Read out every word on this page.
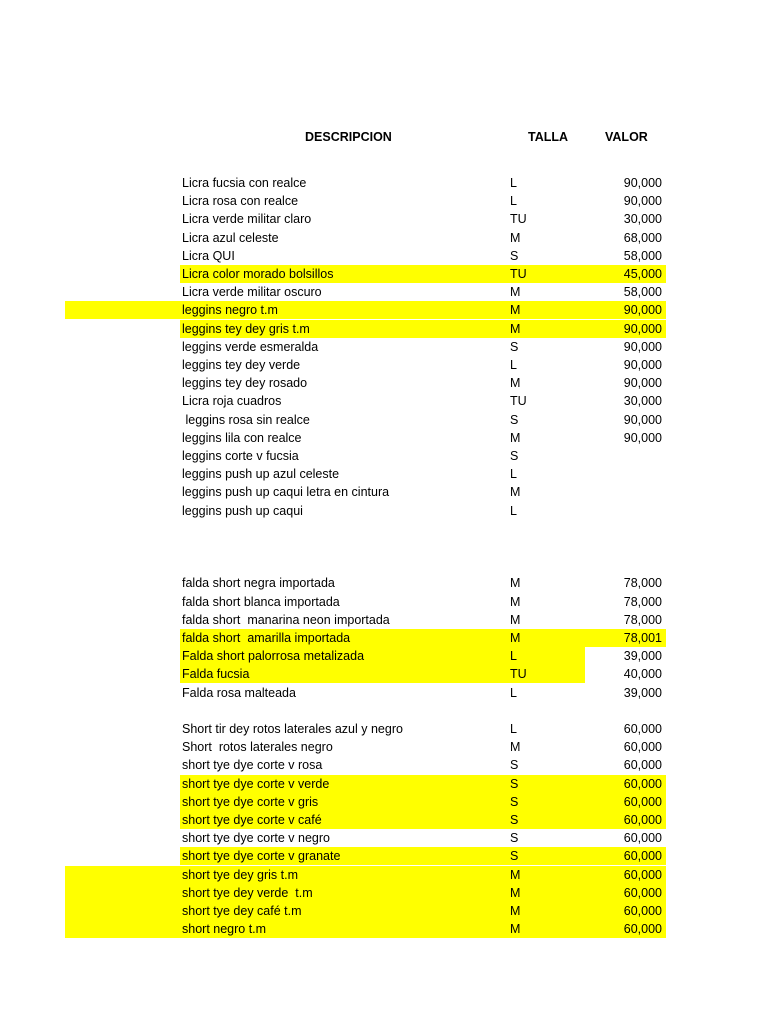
DESCRIPCION	TALLA	VALOR
Licra fucsia con realce	L	90,000
Licra rosa con realce	L	90,000
Licra verde militar claro	TU	30,000
Licra azul celeste	M	68,000
Licra QUI	S	58,000
Licra color morado bolsillos	TU	45,000
Licra verde militar oscuro	M	58,000
leggins negro t.m	M	90,000
leggins tey dey gris t.m	M	90,000
leggins verde esmeralda	S	90,000
leggins tey dey verde	L	90,000
leggins tey dey rosado	M	90,000
Licra roja cuadros	TU	30,000
leggins rosa sin realce	S	90,000
leggins lila con realce	M	90,000
leggins corte v fucsia	S
leggins push up azul celeste	L
leggins push up caqui letra en cintura	M
leggins push up caqui	L
falda short negra importada	M	78,000
falda short blanca importada	M	78,000
falda short  manarina neon importada	M	78,000
falda short  amarilla importada	M	78,001
Falda short palorrosa metalizada	L	39,000
Falda fucsia	TU	40,000
Falda rosa malteada	L	39,000
Short tir dey rotos laterales azul y negro	L	60,000
Short  rotos laterales negro	M	60,000
short tye dye corte v rosa	S	60,000
short tye dye corte v verde	S	60,000
short tye dye corte v gris	S	60,000
short tye dye corte v café	S	60,000
short tye dye corte v negro	S	60,000
short tye dye corte v granate	S	60,000
short tye dey gris t.m	M	60,000
short tye dey verde  t.m	M	60,000
short tye dey café t.m	M	60,000
short negro t.m	M	60,000
